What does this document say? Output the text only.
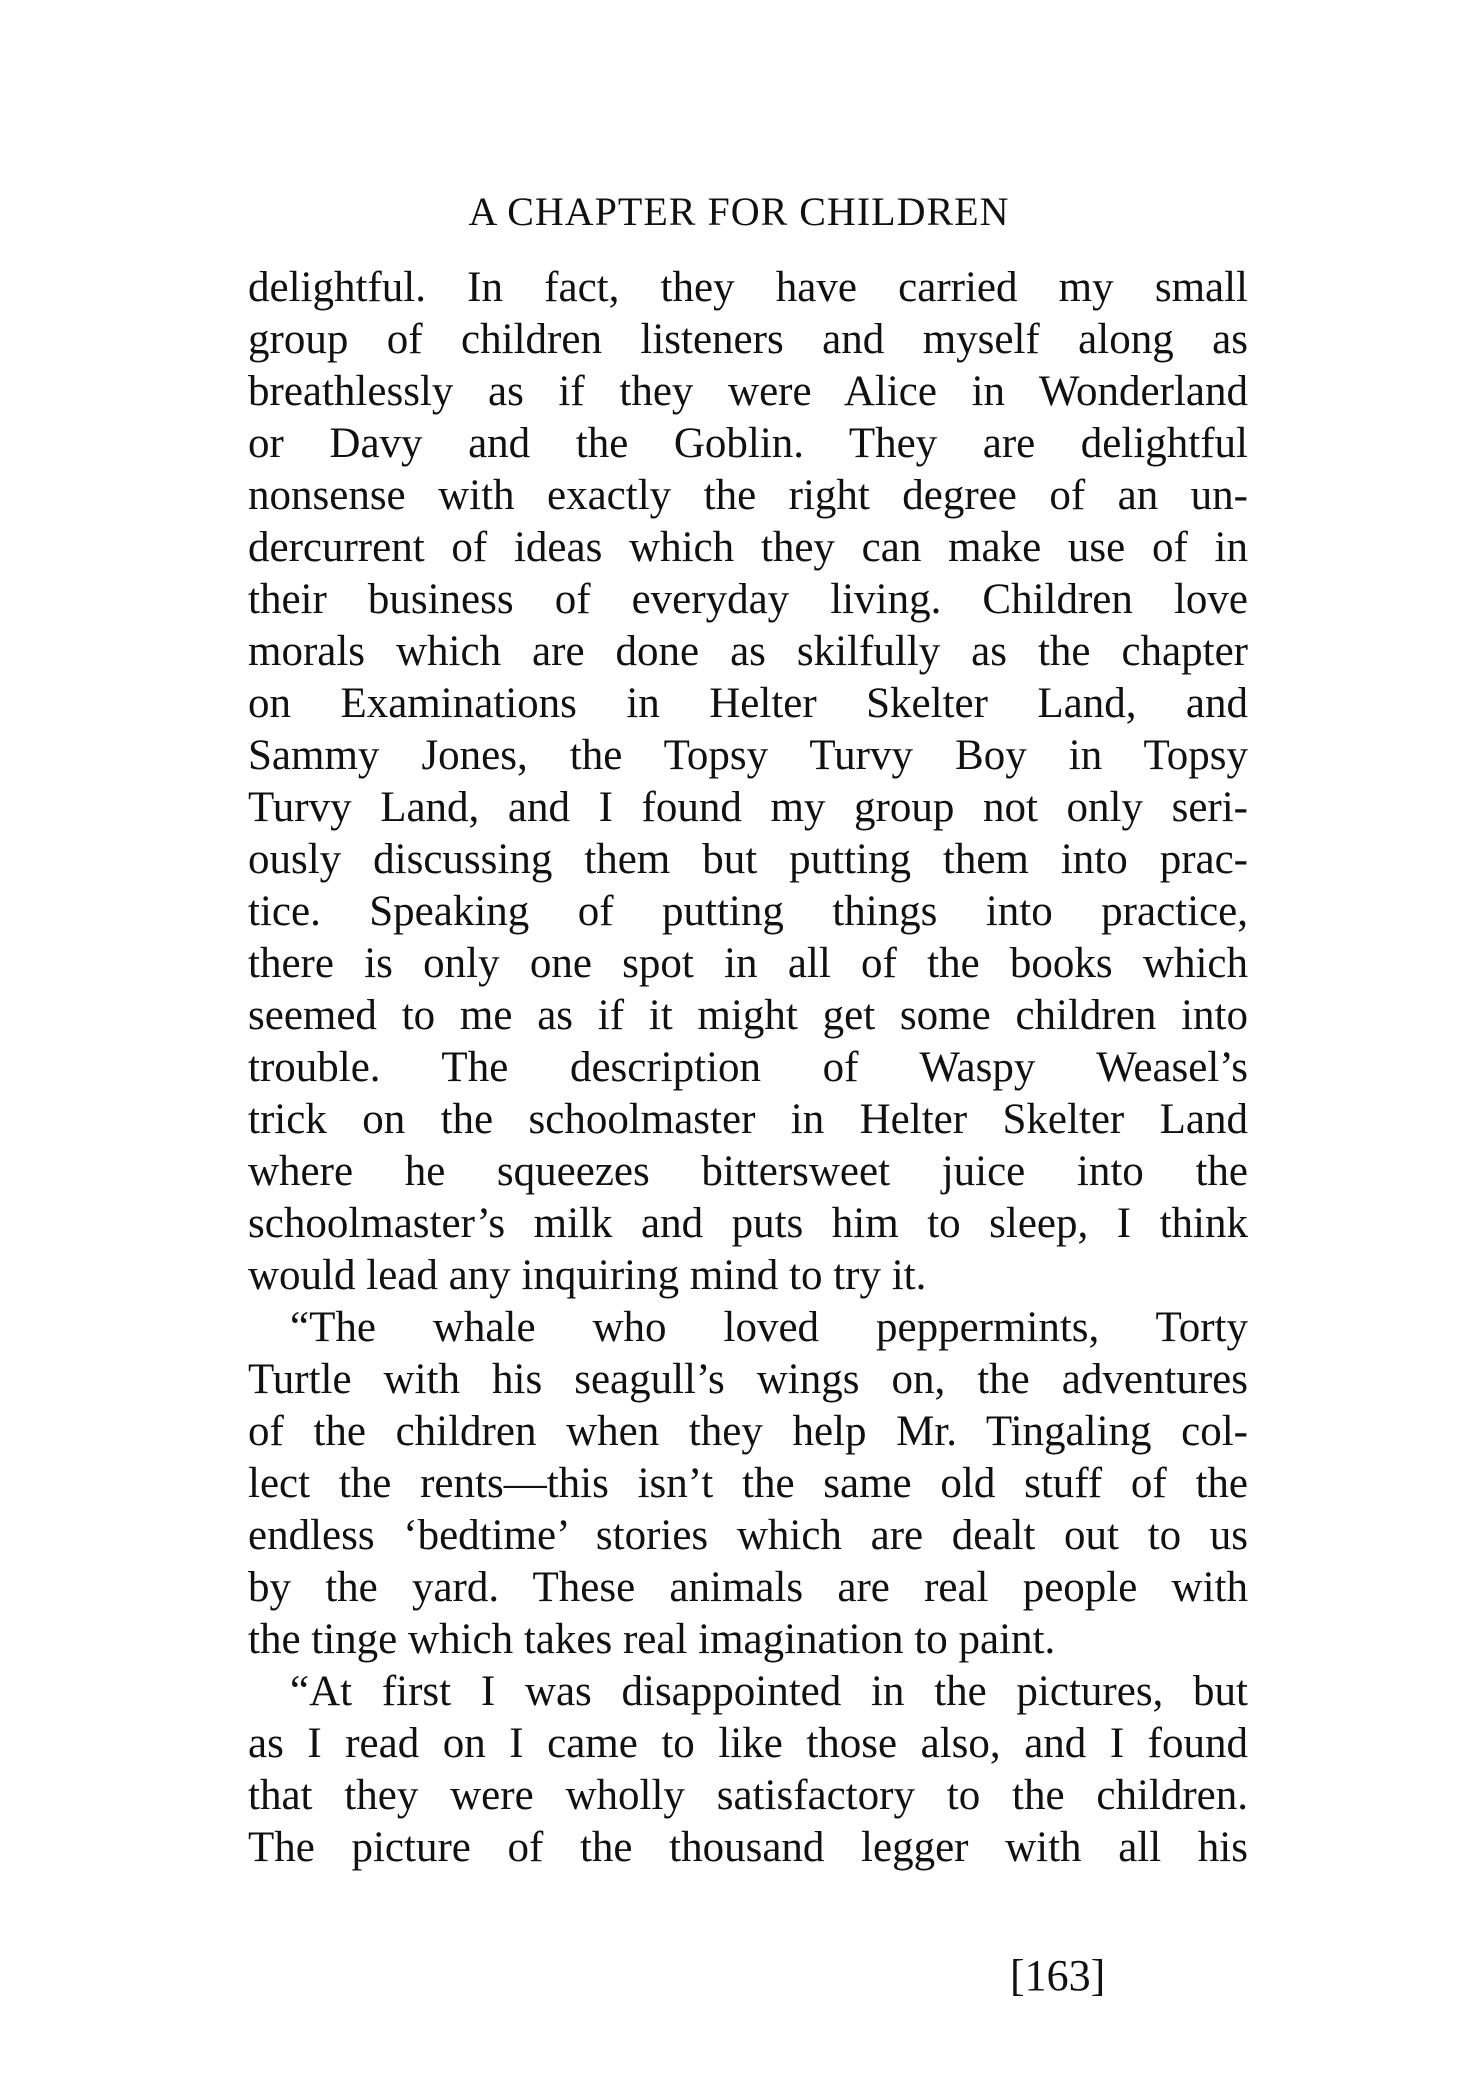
A CHAPTER FOR CHILDREN
delightful. In fact, they have carried my small
group of children listeners and myself along as
breathlessly as if they were Alice in Wonderland
or Davy and the Goblin. They are delightful
nonsense with exactly the right degree of an un-
dercurrent of ideas which they can make use of in
their business of everyday living. Children love
morals which are done as skilfully as the chapter
on Examinations in Helter Skelter Land, and
Sammy Jones, the Topsy Turvy Boy in Topsy
Turvy Land, and I found my group not only seri-
ously discussing them but putting them into prac-
tice. Speaking of putting things into practice,
there is only one spot in all of the books which
seemed to me as if it might get some children into
trouble. The description of Waspy Weasel’s
trick on the schoolmaster in Helter Skelter Land
where he squeezes bittersweet juice into the
schoolmaster’s milk and puts him to sleep, I think
would lead any inquiring mind to try it.
“The whale who loved peppermints, Torty
Turtle with his seagull’s wings on, the adventures
of the children when they help Mr. Tingaling col-
lect the rents—this isn’t the same old stuff of the
endless ‘bedtime’ stories which are dealt out to us
by the yard. These animals are real people with
the tinge which takes real imagination to paint.
“At first I was disappointed in the pictures, but
as I read on I came to like those also, and I found
that they were wholly satisfactory to the children.
The picture of the thousand legger with all his
[163]
